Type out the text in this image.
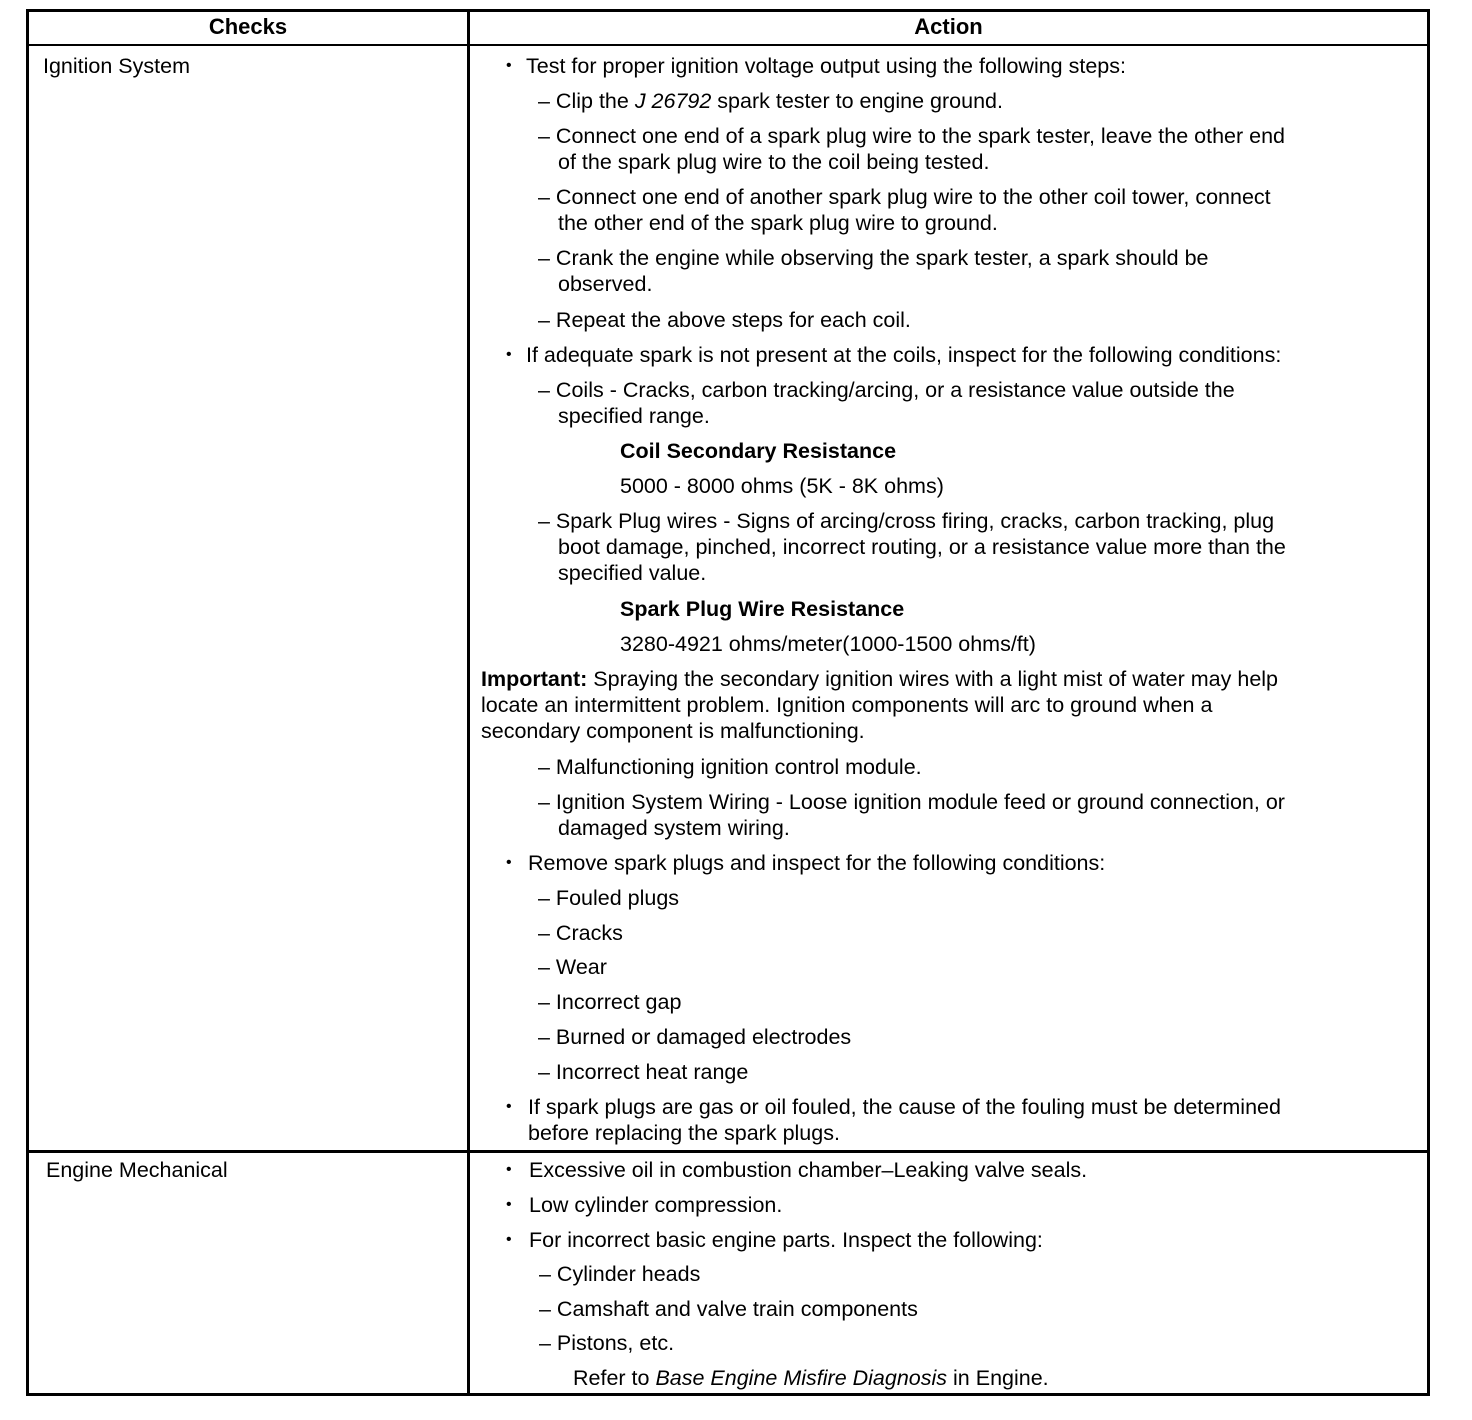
Checks	Action
Ignition System	• Test for proper ignition voltage output using the following steps:
– Clip the J 26792 spark tester to engine ground.
– Connect one end of a spark plug wire to the spark tester, leave the other end
of the spark plug wire to the coil being tested.
– Connect one end of another spark plug wire to the other coil tower, connect
the other end of the spark plug wire to ground.
– Crank the engine while observing the spark tester, a spark should be
observed.
– Repeat the above steps for each coil.
• If adequate spark is not present at the coils, inspect for the following conditions:
– Coils - Cracks, carbon tracking/arcing, or a resistance value outside the
specified range.
Coil Secondary Resistance
5000 - 8000 ohms (5K - 8K ohms)
– Spark Plug wires - Signs of arcing/cross firing, cracks, carbon tracking, plug
boot damage, pinched, incorrect routing, or a resistance value more than the
specified value.
Spark Plug Wire Resistance
3280-4921 ohms/meter(1000-1500 ohms/ft)
Important: Spraying the secondary ignition wires with a light mist of water may help
locate an intermittent problem. Ignition components will arc to ground when a
secondary component is malfunctioning.
– Malfunctioning ignition control module.
– Ignition System Wiring - Loose ignition module feed or ground connection, or
damaged system wiring.
• Remove spark plugs and inspect for the following conditions:
– Fouled plugs
– Cracks
– Wear
– Incorrect gap
– Burned or damaged electrodes
– Incorrect heat range
• If spark plugs are gas or oil fouled, the cause of the fouling must be determined
before replacing the spark plugs.
Engine Mechanical	• Excessive oil in combustion chamber–Leaking valve seals.
• Low cylinder compression.
• For incorrect basic engine parts. Inspect the following:
– Cylinder heads
– Camshaft and valve train components
– Pistons, etc.
Refer to Base Engine Misfire Diagnosis in Engine.
